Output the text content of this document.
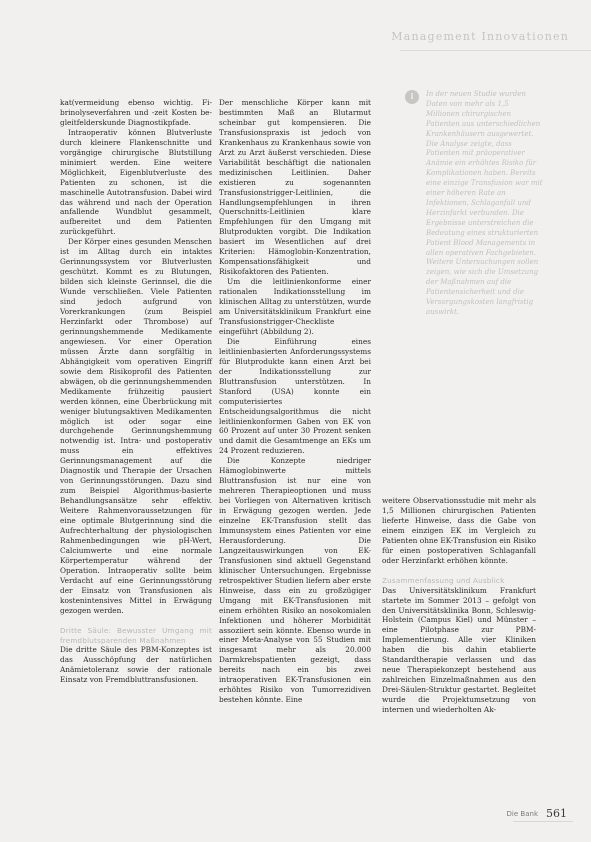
Management Innovationen

kat(vermeidung ebenso wichtig. Fi-brinolyseverfahren und -zeit Kosten be-gleitfelderskunde Diagnostikpfade.

Intraoperativ können Blutverluste durch kleinere Flankenschnitte und vorgängige chirurgische Blutstillung minimiert werden. Eine weitere Möglichkeit, Eigenblutverluste des Patienten zu schonen, ist die maschinelle Autotransfusion. Dabei wird das während und nach der Operation anfallende Wundblut gesammelt, aufbereitet und dem Patienten zurückgeführt.

Der Körper eines gesunden Menschen ist im Alltag durch ein intaktes Gerinnungssystem vor Blutverlusten geschützt. Kommt es zu Blutungen, bilden sich kleinste Gerinnsel, die die Wunde verschließen. Viele Patienten sind jedoch aufgrund von Vorerkrankungen (zum Beispiel Herzinfarkt oder Thrombose) auf gerinnungshemmende Medikamente angewiesen. Vor einer Operation müssen Ärzte dann sorgfältig in Abhängigkeit vom operativen Eingriff sowie dem Risikoprofil des Patienten abwägen, ob die gerinnungshemmenden Medikamente frühzeitig pausiert werden können, eine Überbrückung mit weniger blutungsaktiven Medikamenten möglich ist oder sogar eine durchgehende Gerinnungshemmung notwendig ist. Intra- und postoperativ muss ein effektives Gerinnungsmanagement auf die Diagnostik und Therapie der Ursachen von Gerinnungsstörungen. Dazu sind zum Beispiel Algorithmus-basierte Behandlungsansätze sehr effektiv. Weitere Rahmenvoraussetzungen für eine optimale Blutgerinnung sind die Aufrechterhaltung der physiologischen Rahmenbedingungen wie pH-Wert, Calciumwerte und eine normale Körpertemperatur während der Operation. Intraoperativ sollte beim Verdacht auf eine Gerinnungsstörung der Einsatz von Transfusionen als kostenintensives Mittel in Erwägung gezogen werden.

Dritte Säule: Bewusster Umgang mit fremdblutsparenden Maßnahmen

Die dritte Säule des PBM-Konzeptes ist das Ausschöpfung der natürlichen Anämietoleranz sowie der rationale Einsatz von Fremdbluttransfusionen.

Der menschliche Körper kann mit bestimmten Maß an Blutarmut scheinbar gut kompensieren. Die Transfusionspraxis ist jedoch von Krankenhaus zu Krankenhaus sowie von Arzt zu Arzt äußerst verschieden. Diese Variabilität beschäftigt die nationalen medizinischen Leitlinien. Daher existieren zu sogenannten Transfusionstrigger-Leitlinien, die Handlungsempfehlungen in ihren Querschnitts-Leitlinien klare Empfehlungen für den Umgang mit Blutprodukten vorgibt. Die Indikation basiert im Wesentlichen auf drei Kriterien: Hämoglobin-Konzentration, Kompensationsfähigkeit und Risikofaktoren des Patienten.

Um die leitlinienkonforme einer rationalen Indikationsstellung im klinischen Alltag zu unterstützen, wurde am Universitätsklinikum Frankfurt eine Transfusionstrigger-Checkliste eingeführt (Abbildung 2).

Die Einführung eines leitlinienbasierten Anforderungssystems für Blutprodukte kann einen Arzt bei der Indikationsstellung zur Bluttransfusion unterstützen. In Stanford (USA) konnte ein computerisiertes Entscheidungsalgorithmus die nicht leitlinienkonformen Gaben von EK von 60 Prozent auf unter 30 Prozent senken und damit die Gesamtmenge an EKs um 24 Prozent reduzieren.

Die Konzepte niedriger Hämoglobinwerte mittels Bluttransfusion ist nur eine von mehreren Therapieoptionen und muss bei Vorliegen von Alternativen kritisch in Erwägung gezogen werden. Jede einzelne EK-Transfusion stellt das Immunsystem eines Patienten vor eine Herausforderung. Die Langzeitauswirkungen von EK-Transfusionen sind aktuell Gegenstand klinischer Untersuchungen. Ergebnisse retrospektiver Studien liefern aber erste Hinweise, dass ein zu großzügiger Umgang mit EK-Transfusionen mit einem erhöhten Risiko an nosokomialen Infektionen und höherer Morbidität assoziiert sein könnte. Ebenso wurde in einer Meta-Analyse von 55 Studien mit insgesamt mehr als 20.000 Darmkrebspatienten gezeigt, dass bereits nach ein bis zwei intraoperativen EK-Transfusionen ein erhöhtes Risiko von Tumorrezidiven bestehen könnte. Eine

i	In der neuen Studie wurden Daten von mehr als 1,5 Millionen chirurgischen Patienten aus unterschiedlichen Krankenhäusern ausgewertet. Die Analyse zeigte, dass Patienten mit präoperativer Anämie ein erhöhtes Risiko für Komplikationen haben. Bereits eine einzige Transfusion war mit einer höheren Rate an Infektionen, Schlaganfall und Herzinfarkt verbunden. Die Ergebnisse unterstreichen die Bedeutung eines strukturierten Patient Blood Managements in allen operativen Fachgebieten. Weitere Untersuchungen sollen zeigen, wie sich die Umsetzung der Maßnahmen auf die Patientensicherheit und die Versorgungskosten langfristig auswirkt.

weitere Observationsstudie mit mehr als 1,5 Millionen chirurgischen Patienten lieferte Hinweise, dass die Gabe von einem einzigen EK im Vergleich zu Patienten ohne EK-Transfusion ein Risiko für einen postoperativen Schlaganfall oder Herzinfarkt erhöhen könnte.

Zusammenfassung und Ausblick

Das Universitätsklinikum Frankfurt startete im Sommer 2013 – gefolgt von den Universitätsklinika Bonn, Schleswig-Holstein (Campus Kiel) und Münster – eine Pilotphase zur PBM-Implementierung. Alle vier Kliniken haben die bis dahin etablierte Standardtherapie verlassen und das neue Therapiekonzept bestehend aus zahlreichen Einzelmaßnahmen aus den Drei-Säulen-Struktur gestartet. Begleitet wurde die Projektumsetzung von internen und wiederholten Ak-

Die Bank 561
